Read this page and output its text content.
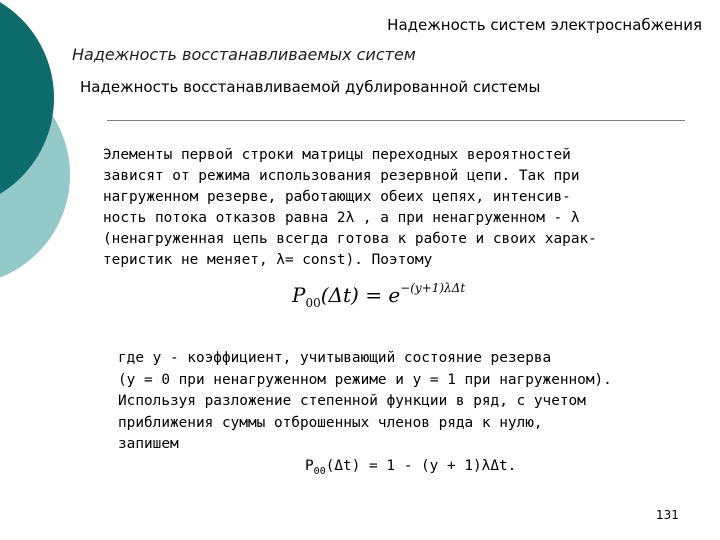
Надежность систем электроснабжения
Надежность восстанавливаемых систем
Надежность восстанавливаемой дублированной системы
Элементы первой строки матрицы переходных вероятностей
зависят от режима использования резервной цепи. Так при
нагруженном резерве, работающих обеих цепях, интенсив-
ность потока отказов равна 2λ , а при ненагруженном - λ
(ненагруженная цепь всегда готова к работе и своих харак-
теристик не меняет, λ= const). Поэтому
$P_{00}(\Delta t) = e^{-(y+1)\lambda\Delta t}$
где y - коэффициент, учитывающий состояние резерва
(y = 0 при ненагруженном режиме и y = 1 при нагруженном).
Используя разложение степенной функции в ряд, с учетом
приближения суммы отброшенных членов ряда к нулю,
запишем
$P_{00}(\Delta t) = 1 - (y + 1)\lambda\Delta t$.
131
